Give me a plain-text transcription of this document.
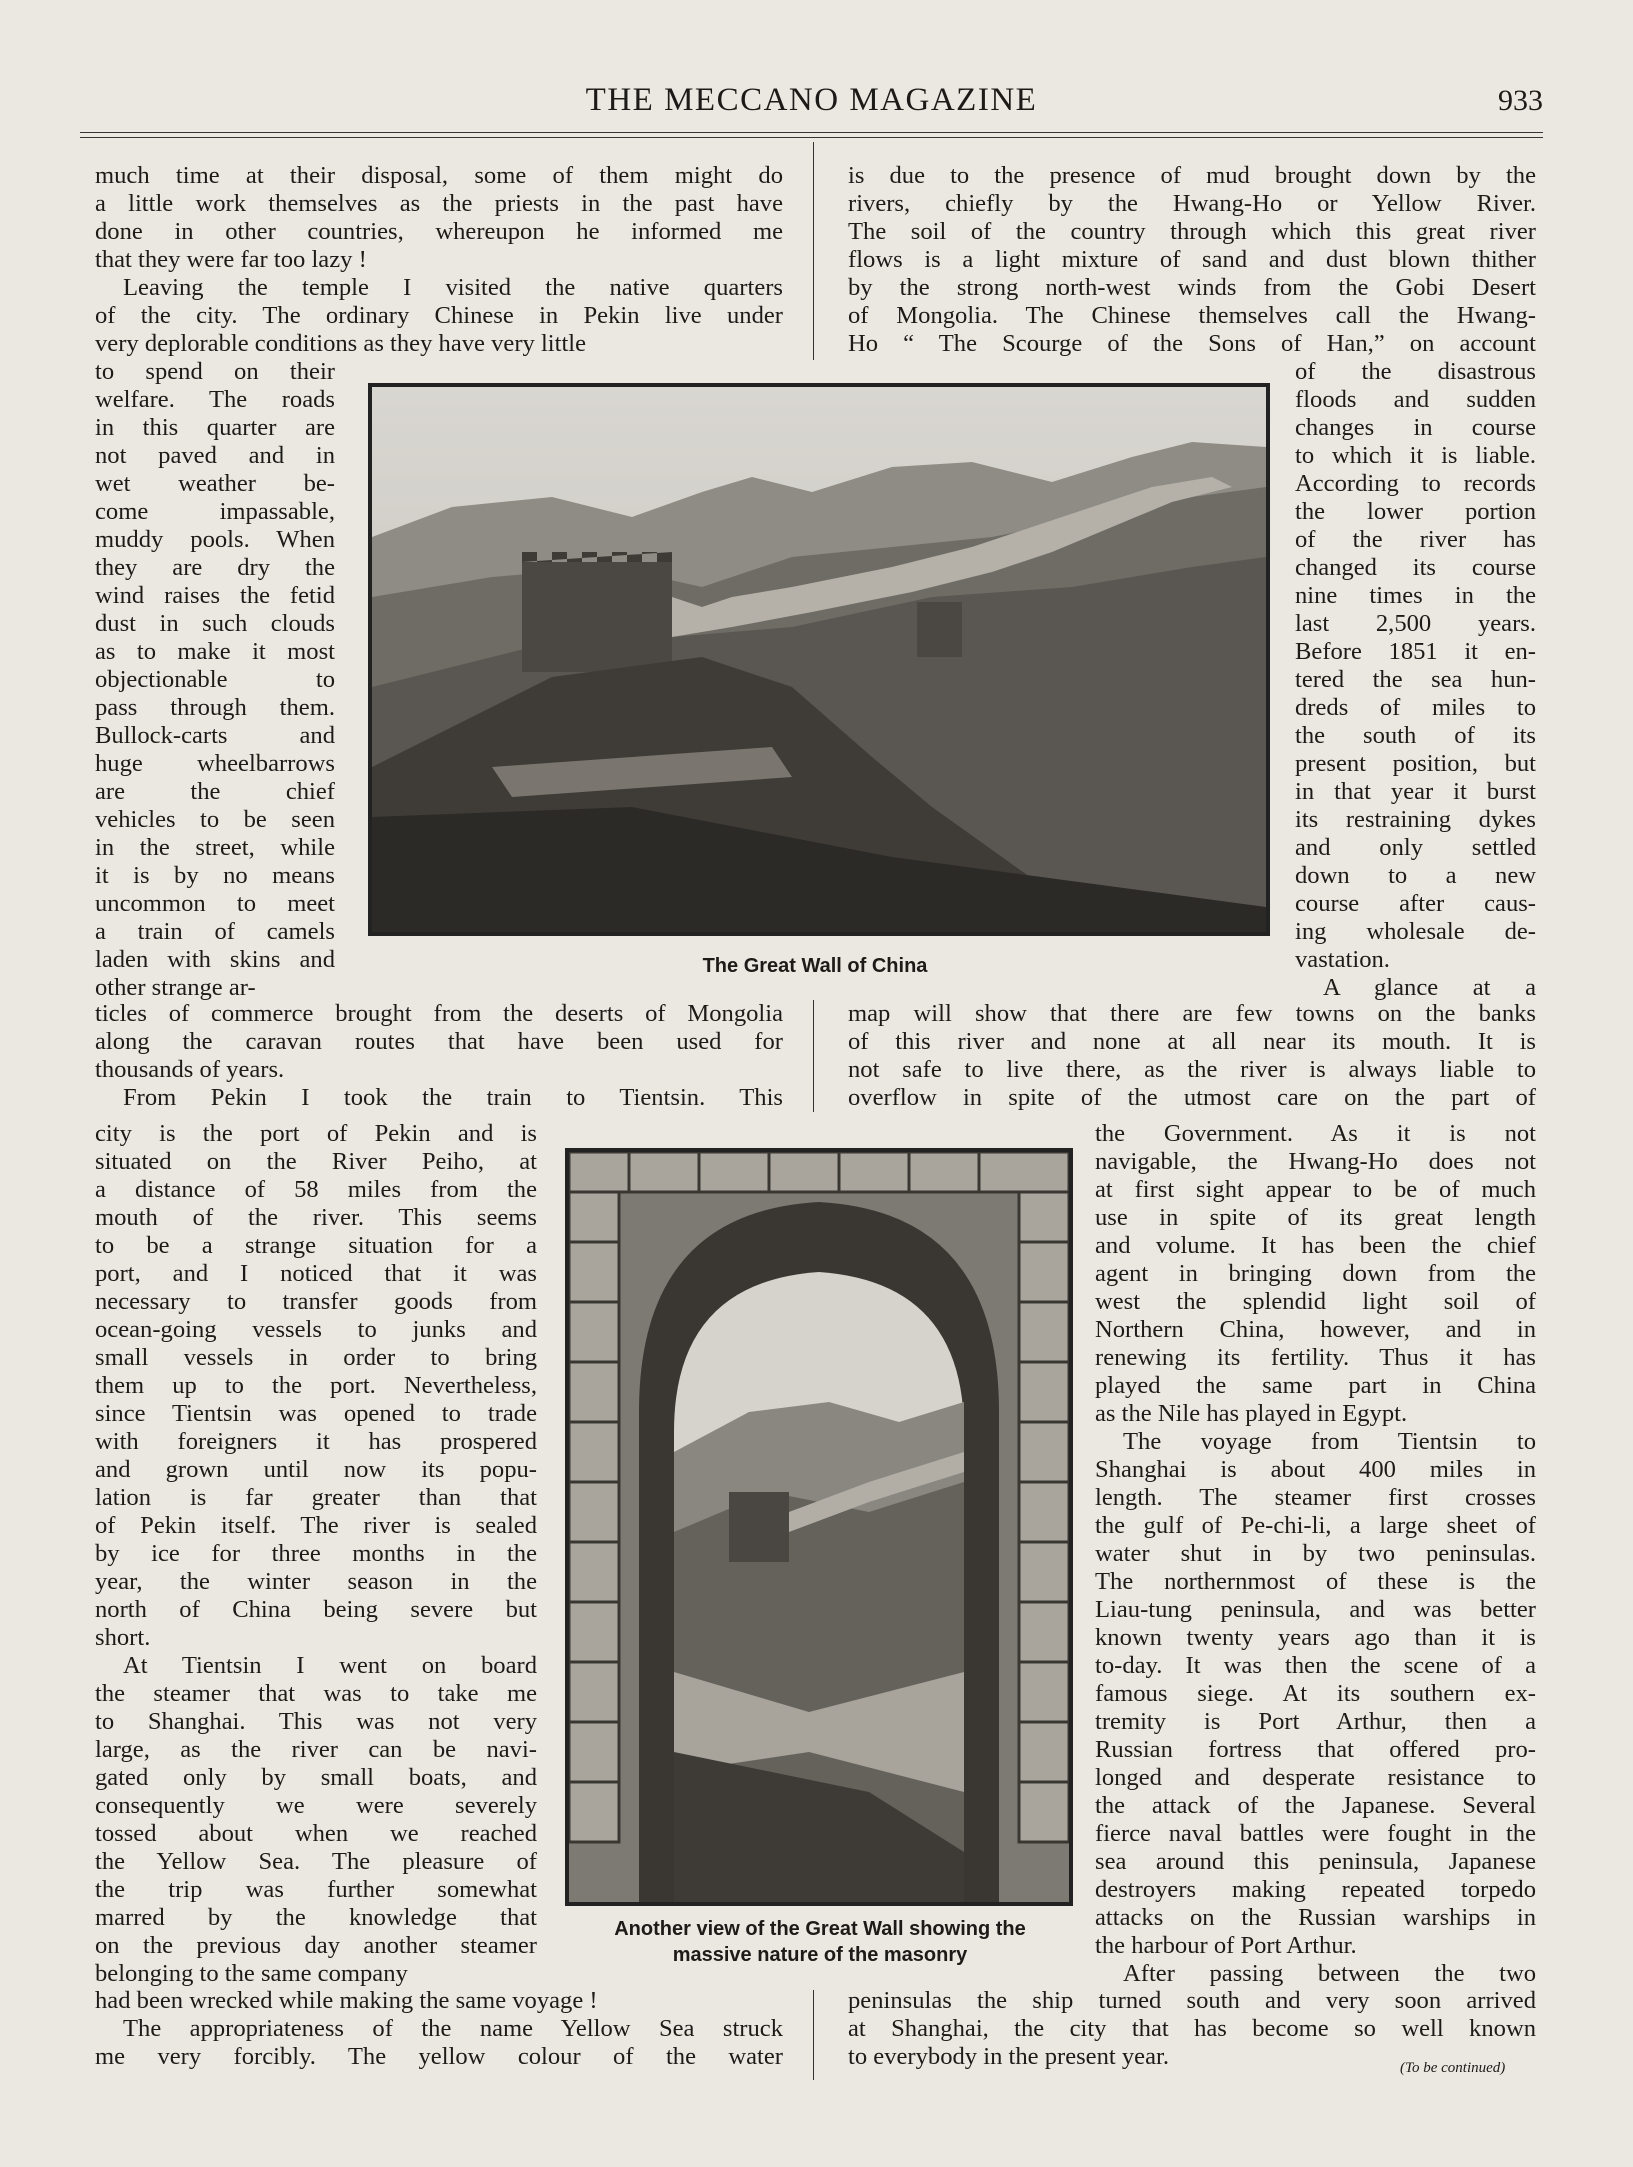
THE MECCANO MAGAZINE	933

much time at their disposal, some of them might do

a little work themselves as the priests in the past have

done in other countries, whereupon he informed me

that they were far too lazy !

Leaving the temple I visited the native quarters

of the city. The ordinary Chinese in Pekin live under

very deplorable conditions as they have very little

to spend on their

welfare. The roads

in this quarter are

not paved and in

wet weather be-

come impassable,

muddy pools. When

they are dry the

wind raises the fetid

dust in such clouds

as to make it most

objectionable to

pass through them.

Bullock-carts and

huge wheelbarrows

are the chief

vehicles to be seen

in the street, while

it is by no means

uncommon to meet

a train of camels

laden with skins and

other strange ar-

ticles of commerce brought from the deserts of Mongolia

along the caravan routes that have been used for

thousands of years.

From Pekin I took the train to Tientsin. This

city is the port of Pekin and is

situated on the River Peiho, at

a distance of 58 miles from the

mouth of the river. This seems

to be a strange situation for a

port, and I noticed that it was

necessary to transfer goods from

ocean-going vessels to junks and

small vessels in order to bring

them up to the port. Nevertheless,

since Tientsin was opened to trade

with foreigners it has prospered

and grown until now its popu-

lation is far greater than that

of Pekin itself. The river is sealed

by ice for three months in the

year, the winter season in the

north of China being severe but

short.

At Tientsin I went on board

the steamer that was to take me

to Shanghai. This was not very

large, as the river can be navi-

gated only by small boats, and

consequently we were severely

tossed about when we reached

the Yellow Sea. The pleasure of

the trip was further somewhat

marred by the knowledge that

on the previous day another steamer

belonging to the same company

had been wrecked while making the same voyage !

The appropriateness of the name Yellow Sea struck

me very forcibly. The yellow colour of the water

is due to the presence of mud brought down by the

rivers, chiefly by the Hwang-Ho or Yellow River.

The soil of the country through which this great river

flows is a light mixture of sand and dust blown thither

by the strong north-west winds from the Gobi Desert

of Mongolia. The Chinese themselves call the Hwang-

Ho “ The Scourge of the Sons of Han,” on account

of the disastrous

floods and sudden

changes in course

to which it is liable.

According to records

the lower portion

of the river has

changed its course

nine times in the

last 2,500 years.

Before 1851 it en-

tered the sea hun-

dreds of miles to

the south of its

present position, but

in that year it burst

its restraining dykes

and only settled

down to a new

course after caus-

ing wholesale de-

vastation.

A glance at a

map will show that there are few towns on the banks

of this river and none at all near its mouth. It is

not safe to live there, as the river is always liable to

overflow in spite of the utmost care on the part of

the Government. As it is not

navigable, the Hwang-Ho does not

at first sight appear to be of much

use in spite of its great length

and volume. It has been the chief

agent in bringing down from the

west the splendid light soil of

Northern China, however, and in

renewing its fertility. Thus it has

played the same part in China

as the Nile has played in Egypt.

The voyage from Tientsin to

Shanghai is about 400 miles in

length. The steamer first crosses

the gulf of Pe-chi-li, a large sheet of

water shut in by two peninsulas.

The northernmost of these is the

Liau-tung peninsula, and was better

known twenty years ago than it is

to-day. It was then the scene of a

famous siege. At its southern ex-

tremity is Port Arthur, then a

Russian fortress that offered pro-

longed and desperate resistance to

the attack of the Japanese. Several

fierce naval battles were fought in the

sea around this peninsula, Japanese

destroyers making repeated torpedo

attacks on the Russian warships in

the harbour of Port Arthur.

After passing between the two

peninsulas the ship turned south and very soon arrived

at Shanghai, the city that has become so well known

to everybody in the present year.	(To be continued)
The Great Wall of China
Another view of the Great Wall showing the
massive nature of the masonry
